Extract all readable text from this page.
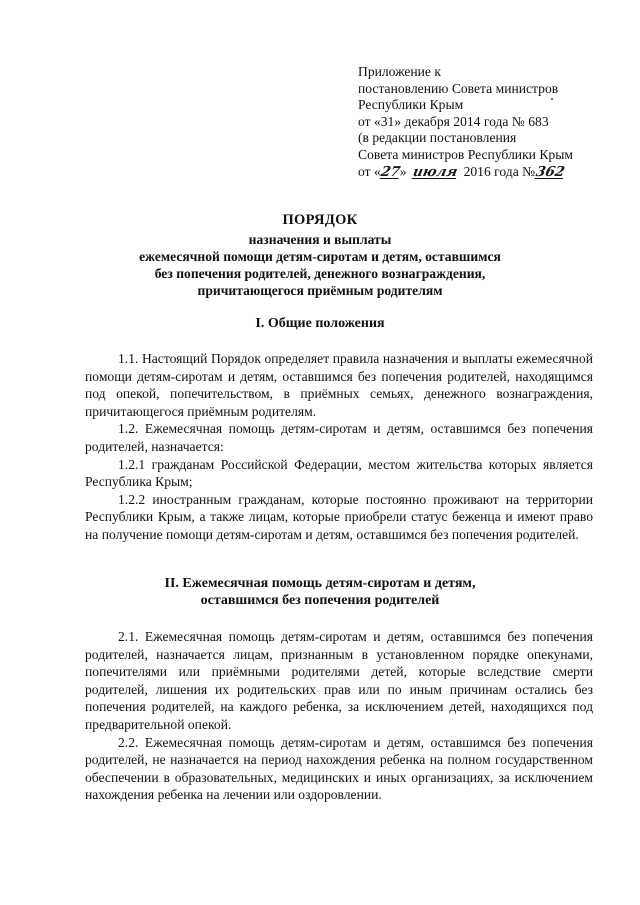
Приложение к
постановлению Совета министров
Республики Крым
от «31» декабря 2014 года № 683
(в редакции постановления
Совета министров Республики Крым
от «27» июля 2016 года №362
ПОРЯДОК
назначения и выплаты
ежемесячной помощи детям-сиротам и детям, оставшимся
без попечения родителей, денежного вознаграждения,
причитающегося приёмным родителям
I. Общие положения

1.1. Настоящий Порядок определяет правила назначения и выплаты ежемесячной помощи детям-сиротам и детям, оставшимся без попечения родителей, находящимся под опекой, попечительством, в приёмных семьях, денежного вознаграждения, причитающегося приёмным родителям.

1.2. Ежемесячная помощь детям-сиротам и детям, оставшимся без попечения родителей, назначается:

1.2.1 гражданам Российской Федерации, местом жительства которых является Республика Крым;

1.2.2 иностранным гражданам, которые постоянно проживают на территории Республики Крым, а также лицам, которые приобрели статус беженца и имеют право на получение помощи детям-сиротам и детям, оставшимся без попечения родителей.

II. Ежемесячная помощь детям-сиротам и детям,
оставшимся без попечения родителей

2.1. Ежемесячная помощь детям-сиротам и детям, оставшимся без попечения родителей, назначается лицам, признанным в установленном порядке опекунами, попечителями или приёмными родителями детей, которые вследствие смерти родителей, лишения их родительских прав или по иным причинам остались без попечения родителей, на каждого ребенка, за исключением детей, находящихся под предварительной опекой.

2.2. Ежемесячная помощь детям-сиротам и детям, оставшимся без попечения родителей, не назначается на период нахождения ребенка на полном государственном обеспечении в образовательных, медицинских и иных организациях, за исключением нахождения ребенка на лечении или оздоровлении.
